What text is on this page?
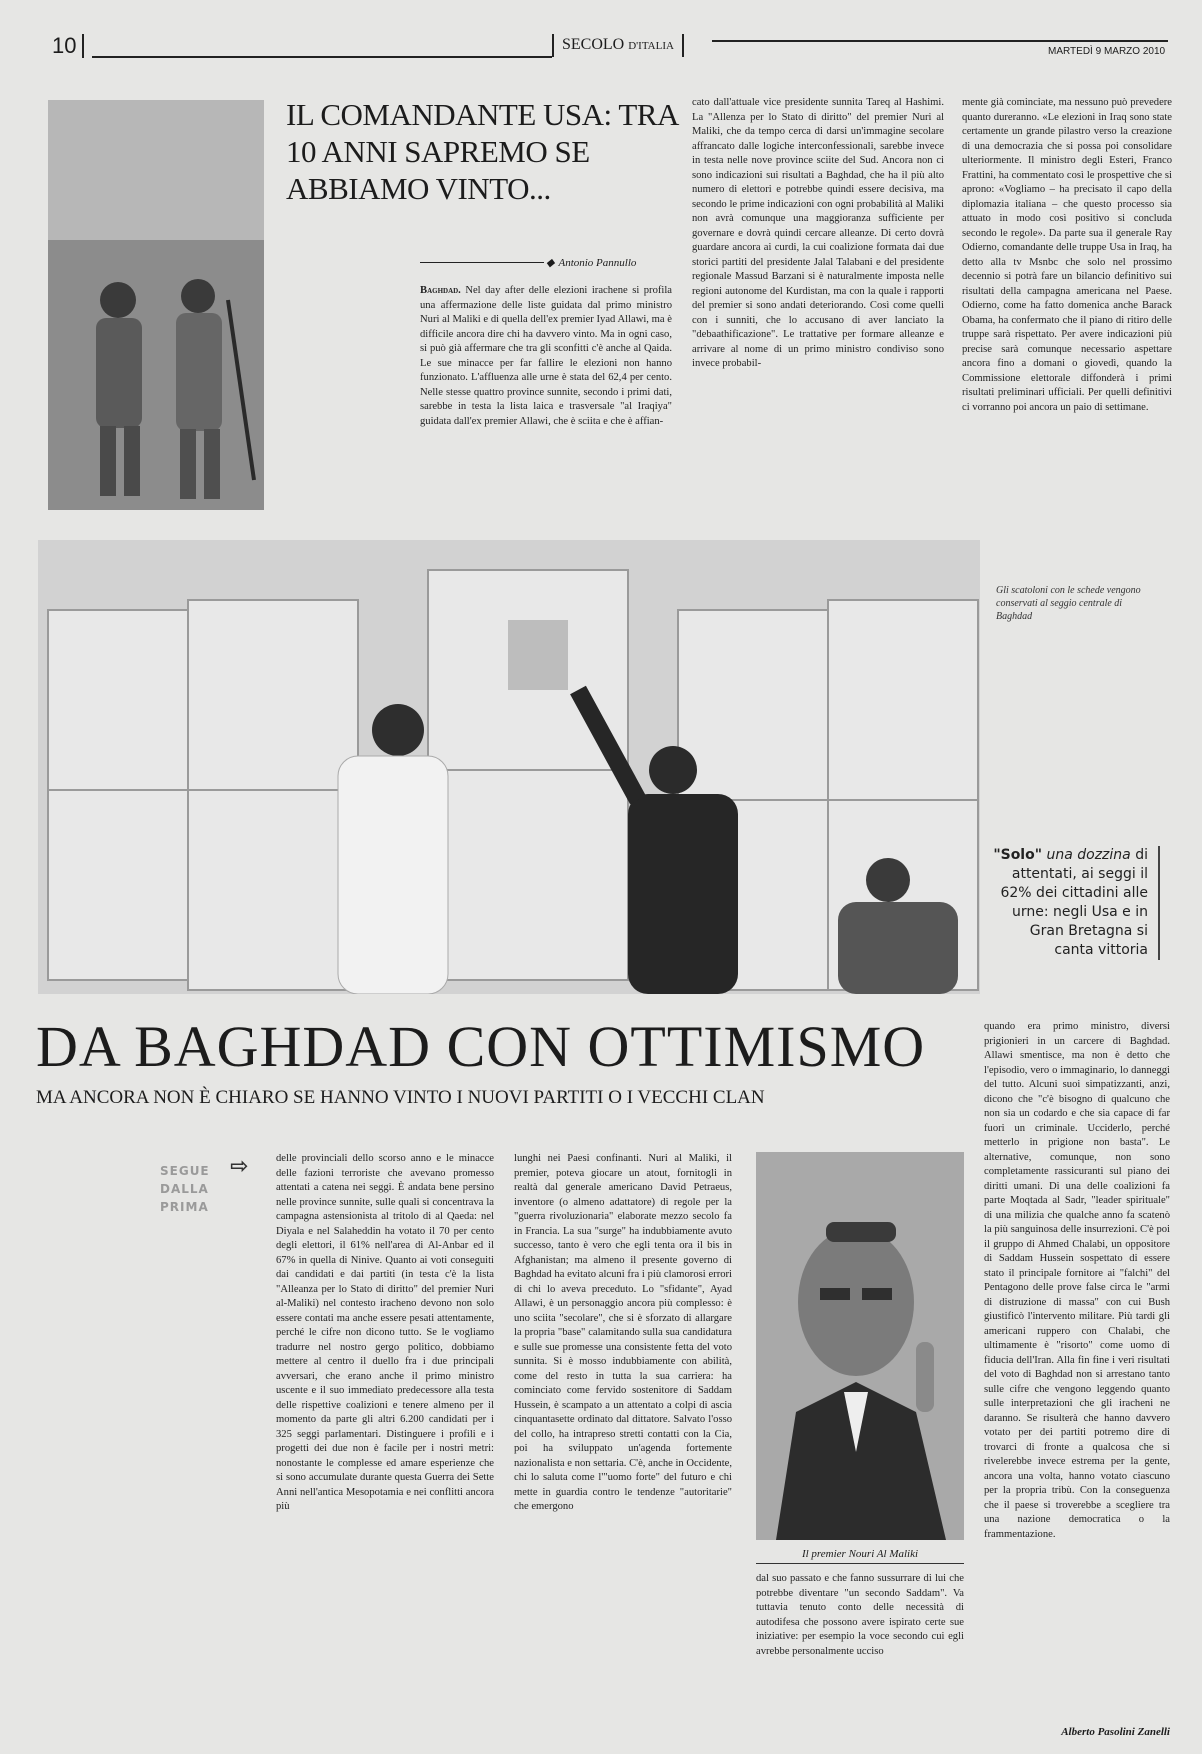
10	SECOLO D'ITALIA	MARTEDÌ 9 MARZO 2010
IL COMANDANTE USA: TRA 10 ANNI SAPREMO SE ABBIAMO VINTO...
◆ Antonio Pannullo

Baghdad. Nel day after delle elezioni irachene si profila una affermazione delle liste guidata dal primo ministro Nuri al Maliki e di quella dell'ex premier Iyad Allawi, ma è difficile ancora dire chi ha davvero vinto. Ma in ogni caso, si può già affermare che tra gli sconfitti c'è anche al Qaida. Le sue minacce per far fallire le elezioni non hanno funzionato. L'affluenza alle urne è stata del 62,4 per cento. Nelle stesse quattro province sunnite, secondo i primi dati, sarebbe in testa la lista laica e trasversale "al Iraqiya" guidata dall'ex premier Allawi, che è sciita e che è affian-

cato dall'attuale vice presidente sunnita Tareq al Hashimi. La "Allenza per lo Stato di diritto" del premier Nuri al Maliki, che da tempo cerca di darsi un'immagine secolare affrancato dalle logiche interconfessionali, sarebbe invece in testa nelle nove province sciite del Sud. Ancora non ci sono indicazioni sui risultati a Baghdad, che ha il più alto numero di elettori e potrebbe quindi essere decisiva, ma secondo le prime indicazioni con ogni probabilità al Maliki non avrà comunque una maggioranza sufficiente per governare e dovrà quindi cercare alleanze. Di certo dovrà guardare ancora ai curdi, la cui coalizione formata dai due storici partiti del presidente Jalal Talabani e del presidente regionale Massud Barzani si è naturalmente imposta nelle regioni autonome del Kurdistan, ma con la quale i rapporti del premier si sono andati deteriorando. Così come quelli con i sunniti, che lo accusano di aver lanciato la "debaathificazione". Le trattative per formare alleanze e arrivare al nome di un primo ministro condiviso sono invece probabil-

mente già cominciate, ma nessuno può prevedere quanto dureranno. «Le elezioni in Iraq sono state certamente un grande pilastro verso la creazione di una democrazia che si possa poi consolidare ulteriormente. Il ministro degli Esteri, Franco Frattini, ha commentato così le prospettive che si aprono: «Vogliamo – ha precisato il capo della diplomazia italiana – che questo processo sia attuato in modo così positivo si concluda secondo le regole». Da parte sua il generale Ray Odierno, comandante delle truppe Usa in Iraq, ha detto alla tv Msnbc che solo nel prossimo decennio si potrà fare un bilancio definitivo sui risultati della campagna americana nel Paese. Odierno, come ha fatto domenica anche Barack Obama, ha confermato che il piano di ritiro delle truppe sarà rispettato. Per avere indicazioni più precise sarà comunque necessario aspettare ancora fino a domani o giovedì, quando la Commissione elettorale diffonderà i primi risultati preliminari ufficiali. Per quelli definitivi ci vorranno poi ancora un paio di settimane.

Gli scatoloni con le schede vengono conservati al seggio centrale di Baghdad
"Solo" una dozzina di attentati, ai seggi il 62% dei cittadini alle urne: negli Usa e in Gran Bretagna si canta vittoria
DA BAGHDAD CON OTTIMISMO
MA ANCORA NON È CHIARO SE HANNO VINTO I NUOVI PARTITI O I VECCHI CLAN
⇨
SEGUE DALLA PRIMA

delle provinciali dello scorso anno e le minacce delle fazioni terroriste che avevano promesso attentati a catena nei seggi. È andata bene persino nelle province sunnite, sulle quali si concentrava la campagna astensionista al tritolo di al Qaeda: nel Diyala e nel Salaheddin ha votato il 70 per cento degli elettori, il 61% nell'area di Al-Anbar ed il 67% in quella di Ninive. Quanto ai voti conseguiti dai candidati e dai partiti (in testa c'è la lista "Alleanza per lo Stato di diritto" del premier Nuri al-Maliki) nel contesto iracheno devono non solo essere contati ma anche essere pesati attentamente, perché le cifre non dicono tutto. Se le vogliamo tradurre nel nostro gergo politico, dobbiamo mettere al centro il duello fra i due principali avversari, che erano anche il primo ministro uscente e il suo immediato predecessore alla testa delle rispettive coalizioni e tenere almeno per il momento da parte gli altri 6.200 candidati per i 325 seggi parlamentari. Distinguere i profili e i progetti dei due non è facile per i nostri metri: nonostante le complesse ed amare esperienze che si sono accumulate durante questa Guerra dei Sette Anni nell'antica Mesopotamia e nei conflitti ancora più

lunghi nei Paesi confinanti. Nuri al Maliki, il premier, poteva giocare un atout, fornitogli in realtà dal generale americano David Petraeus, inventore (o almeno adattatore) di regole per la "guerra rivoluzionaria" elaborate mezzo secolo fa in Francia. La sua "surge" ha indubbiamente avuto successo, tanto è vero che egli tenta ora il bis in Afghanistan; ma almeno il presente governo di Baghdad ha evitato alcuni fra i più clamorosi errori di chi lo aveva preceduto. Lo "sfidante", Ayad Allawi, è un personaggio ancora più complesso: è uno sciita "secolare", che si è sforzato di allargare la propria "base" calamitando sulla sua candidatura e sulle sue promesse una consistente fetta del voto sunnita. Si è mosso indubbiamente con abilità, come del resto in tutta la sua carriera: ha cominciato come fervido sostenitore di Saddam Hussein, è scampato a un attentato a colpi di ascia cinquantasette ordinato dal dittatore. Salvato l'osso del collo, ha intrapreso stretti contatti con la Cia, poi ha sviluppato un'agenda fortemente nazionalista e non settaria. C'è, anche in Occidente, chi lo saluta come l'"uomo forte" del futuro e chi mette in guardia contro le tendenze "autoritarie" che emergono

Il premier Nouri Al Maliki

dal suo passato e che fanno sussurrare di lui che potrebbe diventare "un secondo Saddam". Va tuttavia tenuto conto delle necessità di autodifesa che possono avere ispirato certe sue iniziative: per esempio la voce secondo cui egli avrebbe personalmente ucciso

quando era primo ministro, diversi prigionieri in un carcere di Baghdad. Allawi smentisce, ma non è detto che l'episodio, vero o immaginario, lo danneggi del tutto. Alcuni suoi simpatizzanti, anzi, dicono che "c'è bisogno di qualcuno che non sia un codardo e che sia capace di far fuori un criminale. Ucciderlo, perché metterlo in prigione non basta". Le alternative, comunque, non sono completamente rassicuranti sul piano dei diritti umani. Di una delle coalizioni fa parte Moqtada al Sadr, "leader spirituale" di una milizia che qualche anno fa scatenò la più sanguinosa delle insurrezioni. C'è poi il gruppo di Ahmed Chalabi, un oppositore di Saddam Hussein sospettato di essere stato il principale fornitore ai "falchi" del Pentagono delle prove false circa le "armi di distruzione di massa" con cui Bush giustificò l'intervento militare. Più tardi gli americani ruppero con Chalabi, che ultimamente è "risorto" come uomo di fiducia dell'Iran. Alla fin fine i veri risultati del voto di Baghdad non si arrestano tanto sulle cifre che vengono leggendo quanto sulle interpretazioni che gli iracheni ne daranno. Se risulterà che hanno davvero votato per dei partiti potremo dire di trovarci di fronte a qualcosa che si rivelerebbe invece estrema per la gente, ancora una volta, hanno votato ciascuno per la propria tribù. Con la conseguenza che il paese si troverebbe a scegliere tra una nazione democratica o la frammentazione.

Alberto Pasolini Zanelli
